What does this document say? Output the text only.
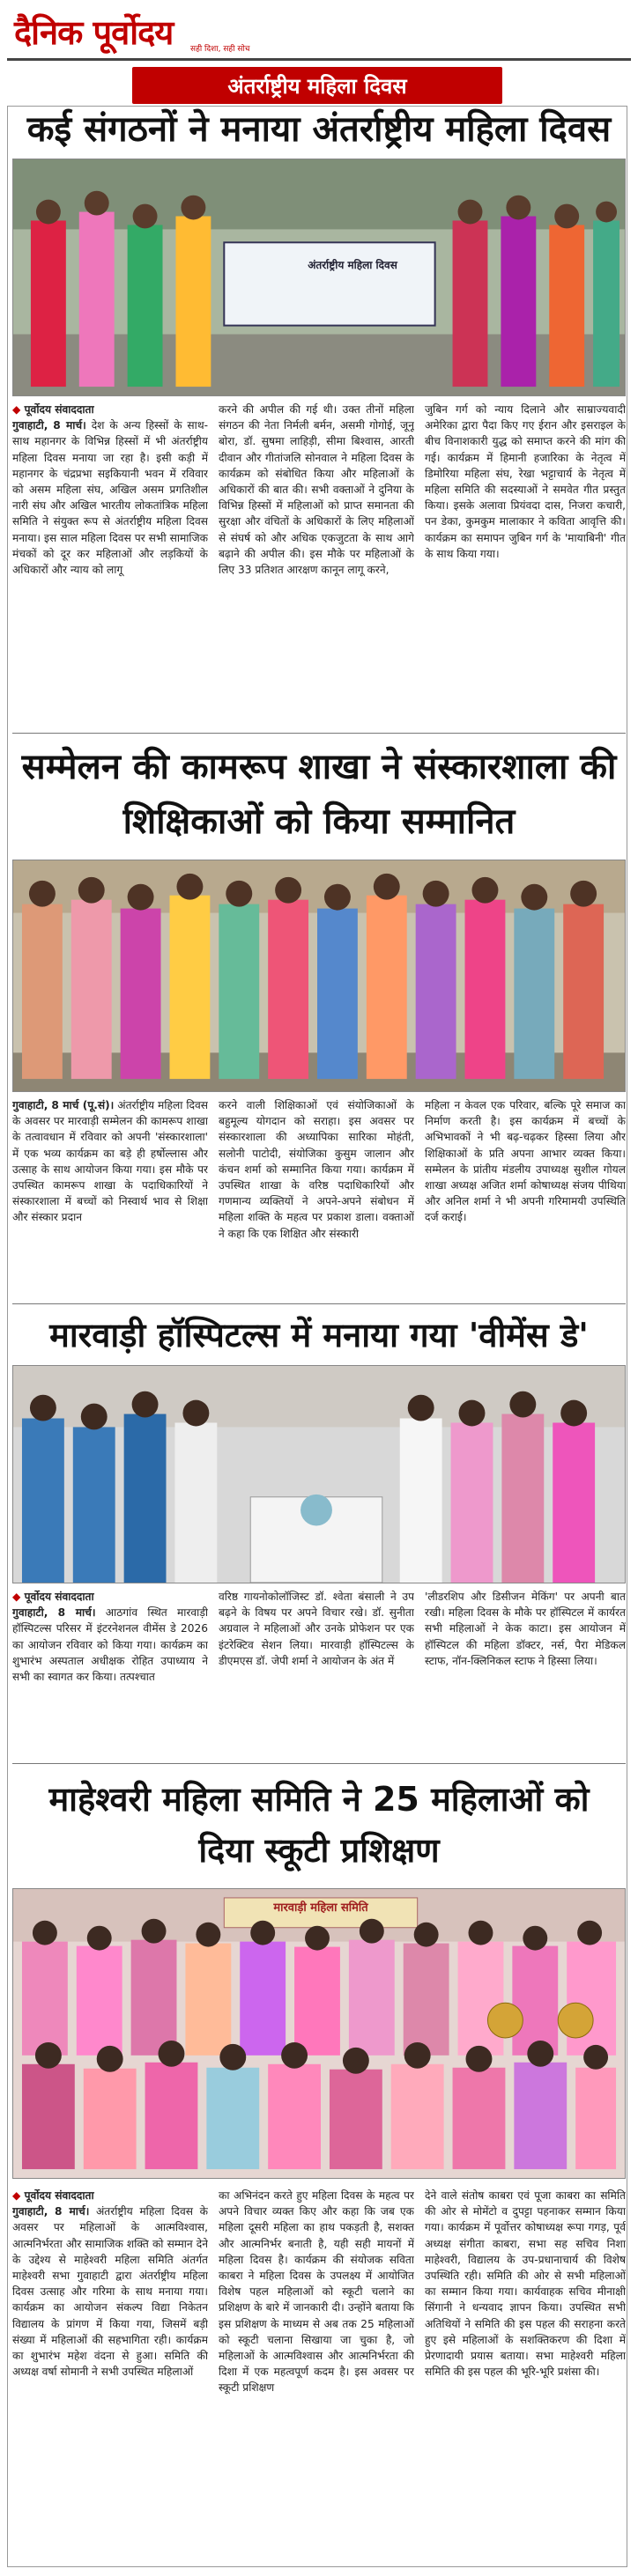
दैनिक पूर्वोदय सही दिशा, सही सोच
अंतर्राष्ट्रीय महिला दिवस
कई संगठनों ने मनाया अंतर्राष्ट्रीय महिला दिवस
अंतर्राष्ट्रीय महिला दिवस
◆ पूर्वोदय संवाददाता
गुवाहाटी, 8 मार्च। देश के अन्य हिस्सों के साथ-साथ महानगर के विभिन्न हिस्सों में भी अंतर्राष्ट्रीय महिला दिवस मनाया जा रहा है। इसी कड़ी में महानगर के चंद्रप्रभा सइकियानी भवन में रविवार को असम महिला संघ, अखिल असम प्रगतिशील नारी संघ और अखिल भारतीय लोकतांत्रिक महिला समिति ने संयुक्त रूप से अंतर्राष्ट्रीय महिला दिवस मनाया। इस साल महिला दिवस पर सभी सामाजिक मंचकों को दूर कर महिलाओं और लड़कियों के अधिकारों और न्याय को लागू
करने की अपील की गई थी। उक्त तीनों महिला संगठन की नेता निर्मली बर्मन, असमी गोगोई, जूनू बोरा, डॉ. सुषमा लाहिड़ी, सीमा बिश्वास, आरती दीवान और गीतांजलि सोनवाल ने महिला दिवस के कार्यक्रम को संबोधित किया और महिलाओं के अधिकारों की बात की। सभी वक्ताओं ने दुनिया के विभिन्न हिस्सों में महिलाओं को प्राप्त समानता की सुरक्षा और वंचितों के अधिकारों के लिए महिलाओं से संघर्ष को और अधिक एकजुटता के साथ आगे बढ़ाने की अपील की। इस मौके पर महिलाओं के लिए 33 प्रतिशत आरक्षण कानून लागू करने,
जुबिन गर्ग को न्याय दिलाने और साम्राज्यवादी अमेरिका द्वारा पैदा किए गए ईरान और इसराइल के बीच विनाशकारी युद्ध को समाप्त करने की मांग की गई। कार्यक्रम में हिमानी हजारिका के नेतृत्व में डिमोरिया महिला संघ, रेखा भट्टाचार्य के नेतृत्व में महिला समिति की सदस्याओं ने समवेत गीत प्रस्तुत किया। इसके अलावा प्रियंवदा दास, निजरा कचारी, पन डेका, कुमकुम मालाकार ने कविता आवृत्ति की। कार्यक्रम का समापन जुबिन गर्ग के 'मायाबिनी' गीत के साथ किया गया।
सम्मेलन की कामरूप शाखा ने संस्कारशाला की शिक्षिकाओं को किया सम्मानित
गुवाहाटी, 8 मार्च (पू.सं)। अंतर्राष्ट्रीय महिला दिवस के अवसर पर मारवाड़ी सम्मेलन की कामरूप शाखा के तत्वावधान में रविवार को अपनी 'संस्कारशाला' में एक भव्य कार्यक्रम का बड़े ही हर्षोल्लास और उत्साह के साथ आयोजन किया गया। इस मौके पर उपस्थित कामरूप शाखा के पदाधिकारियों ने संस्कारशाला में बच्चों को निस्वार्थ भाव से शिक्षा और संस्कार प्रदान
करने वाली शिक्षिकाओं एवं संयोजिकाओं के बहुमूल्य योगदान को सराहा। इस अवसर पर संस्कारशाला की अध्यापिका सारिका मोहंती, सलोनी पाटोदी, संयोजिका कुसुम जालान और कंचन शर्मा को सम्मानित किया गया। कार्यक्रम में उपस्थित शाखा के वरिष्ठ पदाधिकारियों और गणमान्य व्यक्तियों ने अपने-अपने संबोधन में महिला शक्ति के महत्व पर प्रकाश डाला। वक्ताओं ने कहा कि एक शिक्षित और संस्कारी
महिला न केवल एक परिवार, बल्कि पूरे समाज का निर्माण करती है। इस कार्यक्रम में बच्चों के अभिभावकों ने भी बढ़-चढ़कर हिस्सा लिया और शिक्षिकाओं के प्रति अपना आभार व्यक्त किया। सम्मेलन के प्रांतीय मंडलीय उपाध्यक्ष सुशील गोयल शाखा अध्यक्ष अजित शर्मा कोषाध्यक्ष संजय पीथिया और अनिल शर्मा ने भी अपनी गरिमामयी उपस्थिति दर्ज कराई।
मारवाड़ी हॉस्पिटल्स में मनाया गया 'वीमेंस डे'
◆ पूर्वोदय संवाददाता
गुवाहाटी, 8 मार्च। आठगांव स्थित मारवाड़ी हॉस्पिटल्स परिसर में इंटरनेशनल वीमेंस डे 2026 का आयोजन रविवार को किया गया। कार्यक्रम का शुभारंभ अस्पताल अधीक्षक रोहित उपाध्याय ने सभी का स्वागत कर किया। तत्पश्चात
वरिष्ठ गायनोकोलॉजिस्ट डॉ. श्वेता बंसाली ने उप बढ़ने के विषय पर अपने विचार रखे। डॉ. सुनीता अग्रवाल ने महिलाओं और उनके प्रोफेशन पर एक इंटरेक्टिव सेशन लिया। मारवाड़ी हॉस्पिटल्स के डीएमएस डॉ. जेपी शर्मा ने आयोजन के अंत में
'लीडरशिप और डिसीजन मेकिंग' पर अपनी बात रखी। महिला दिवस के मौके पर हॉस्पिटल में कार्यरत सभी महिलाओं ने केक काटा। इस आयोजन में हॉस्पिटल की महिला डॉक्टर, नर्स, पैरा मेडिकल स्टाफ, नॉन-क्लिनिकल स्टाफ ने हिस्सा लिया।
माहेश्वरी महिला समिति ने 25 महिलाओं को दिया स्कूटी प्रशिक्षण
मारवाड़ी महिला समिति
◆ पूर्वोदय संवाददाता
गुवाहाटी, 8 मार्च। अंतर्राष्ट्रीय महिला दिवस के अवसर पर महिलाओं के आत्मविश्वास, आत्मनिर्भरता और सामाजिक शक्ति को सम्मान देने के उद्देश्य से माहेश्वरी महिला समिति अंतर्गत माहेश्वरी सभा गुवाहाटी द्वारा अंतर्राष्ट्रीय महिला दिवस उत्साह और गरिमा के साथ मनाया गया। कार्यक्रम का आयोजन संकल्प विद्या निकेतन विद्यालय के प्रांगण में किया गया, जिसमें बड़ी संख्या में महिलाओं की सहभागिता रही। कार्यक्रम का शुभारंभ महेश वंदना से हुआ। समिति की अध्यक्ष वर्षा सोमानी ने सभी उपस्थित महिलाओं
का अभिनंदन करते हुए महिला दिवस के महत्व पर अपने विचार व्यक्त किए और कहा कि जब एक महिला दूसरी महिला का हाथ पकड़ती है, सशक्त और आत्मनिर्भर बनाती है, यही सही मायनों में महिला दिवस है। कार्यक्रम की संयोजक सविता काबरा ने महिला दिवस के उपलक्ष्य में आयोजित विशेष पहल महिलाओं को स्कूटी चलाने का प्रशिक्षण के बारे में जानकारी दी। उन्होंने बताया कि इस प्रशिक्षण के माध्यम से अब तक 25 महिलाओं को स्कूटी चलाना सिखाया जा चुका है, जो महिलाओं के आत्मविश्वास और आत्मनिर्भरता की दिशा में एक महत्वपूर्ण कदम है। इस अवसर पर स्कूटी प्रशिक्षण
देने वाले संतोष काबरा एवं पूजा काबरा का समिति की ओर से मोमेंटो व दुपट्टा पहनाकर सम्मान किया गया। कार्यक्रम में पूर्वोत्तर कोषाध्यक्ष रूपा गगड़, पूर्व अध्यक्ष संगीता काबरा, सभा सह सचिव निशा माहेश्वरी, विद्यालय के उप-प्रधानाचार्य की विशेष उपस्थिति रही। समिति की ओर से सभी महिलाओं का सम्मान किया गया। कार्यवाहक सचिव मीनाक्षी सिंगानी ने धन्यवाद ज्ञापन किया। उपस्थित सभी अतिथियों ने समिति की इस पहल की सराहना करते हुए इसे महिलाओं के सशक्तिकरण की दिशा में प्रेरणादायी प्रयास बताया। सभा माहेश्वरी महिला समिति की इस पहल की भूरि-भूरि प्रशंसा की।
